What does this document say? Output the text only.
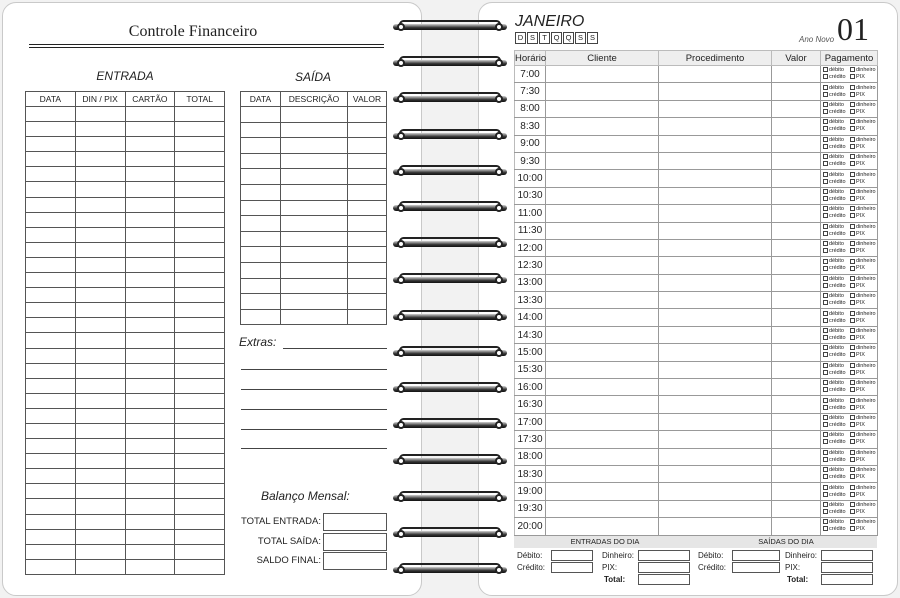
Controle Financeiro
ENTRADA
DATA	DIN / PIX	CARTÃO	TOTAL

SAÍDA
DATA	DESCRIÇÃO	VALOR

Extras:
Balanço Mensal:
TOTAL ENTRADA:
TOTAL SAÍDA:
SALDO FINAL:
JANEIRO
D S T Q Q S S	Ano Novo 01
Horário	Cliente	Procedimento	Valor	Pagamento
7:00				débito dinheiro
crédito PIX

7:30				débito dinheiro
crédito PIX

8:00				débito dinheiro
crédito PIX

8:30				débito dinheiro
crédito PIX

9:00				débito dinheiro
crédito PIX

9:30				débito dinheiro
crédito PIX

10:00				débito dinheiro
crédito PIX

10:30				débito dinheiro
crédito PIX

11:00				débito dinheiro
crédito PIX

11:30				débito dinheiro
crédito PIX

12:00				débito dinheiro
crédito PIX

12:30				débito dinheiro
crédito PIX

13:00				débito dinheiro
crédito PIX

13:30				débito dinheiro
crédito PIX

14:00				débito dinheiro
crédito PIX

14:30				débito dinheiro
crédito PIX

15:00				débito dinheiro
crédito PIX

15:30				débito dinheiro
crédito PIX

16:00				débito dinheiro
crédito PIX

16:30				débito dinheiro
crédito PIX

17:00				débito dinheiro
crédito PIX

17:30				débito dinheiro
crédito PIX

18:00				débito dinheiro
crédito PIX

18:30				débito dinheiro
crédito PIX

19:00				débito dinheiro
crédito PIX

19:30				débito dinheiro
crédito PIX

20:00				débito dinheiro
crédito PIX
ENTRADAS DO DIA
Débito:	Dinheiro:
Crédito:	PIX:
Total:
SAÍDAS DO DIA
Débito:	Dinheiro:
Crédito:	PIX:
Total:
